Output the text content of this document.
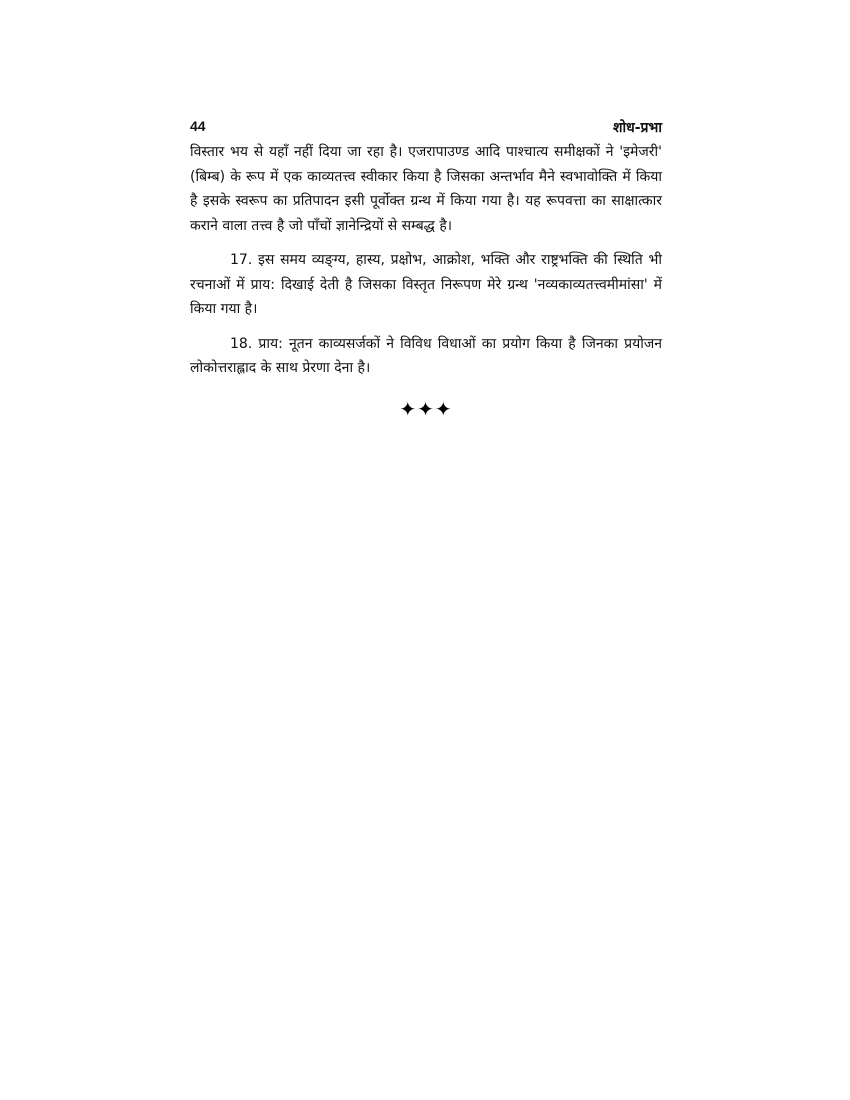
44	शोध-प्रभा

विस्तार भय से यहाँ नहीं दिया जा रहा है। एजरापाउण्ड आदि पाश्चात्य समीक्षकों ने 'इमेजरी' (बिम्ब) के रूप में एक काव्यतत्त्व स्वीकार किया है जिसका अन्तर्भाव मैने स्वभावोक्ति में किया है इसके स्वरूप का प्रतिपादन इसी पूर्वोक्त ग्रन्थ में किया गया है। यह रूपवत्ता का साक्षात्कार कराने वाला तत्त्व है जो पाँचों ज्ञानेन्द्रियों से सम्बद्ध है।

17. इस समय व्यङ्ग्य, हास्य, प्रक्षोभ, आक्रोश, भक्ति और राष्ट्रभक्ति की स्थिति भी रचनाओं में प्राय: दिखाई देती है जिसका विस्तृत निरूपण मेरे ग्रन्थ 'नव्यकाव्यतत्त्वमीमांसा' में किया गया है।

18. प्राय: नूतन काव्यसर्जकों ने विविध विधाओं का प्रयोग किया है जिनका प्रयोजन लोकोत्तराह्लाद के साथ प्रेरणा देना है।

✦✦✦
